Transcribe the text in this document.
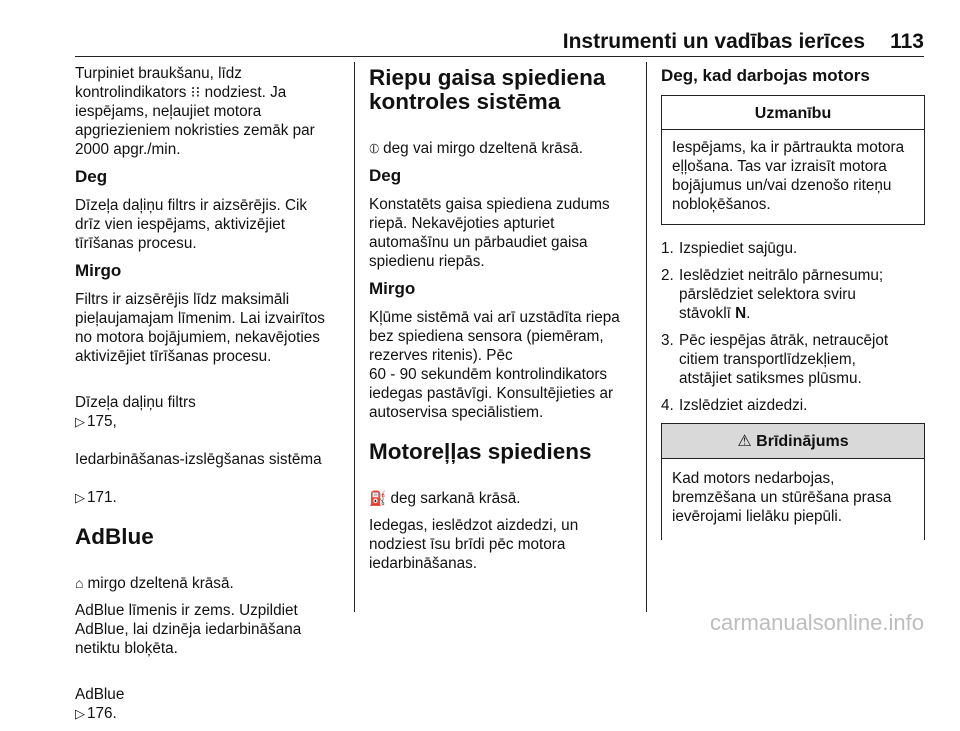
Instrumenti un vadības ierīces 113

Turpiniet braukšanu, līdz
kontrolindikators ⁝⁝ nodziest. Ja
iespējams, neļaujiet motora
apgriezieniem nokristies zemāk par
2000 apgr./min.

Deg

Dīzeļa daļiņu filtrs ir aizsērējis. Cik
drīz vien iespējams, aktivizējiet
tīrīšanas procesu.

Mirgo

Filtrs ir aizsērējis līdz maksimāli
pieļaujamajam līmenim. Lai izvairītos
no motora bojājumiem, nekavējoties
aktivizējiet tīrīšanas procesu.

Dīzeļa daļiņu filtrs
▷ 175,

Iedarbināšanas-izslēgšanas sistēma

▷ 171.

AdBlue

⌂ mirgo dzeltenā krāsā.

AdBlue līmenis ir zems. Uzpildiet
AdBlue, lai dzinēja iedarbināšana
netiktu bloķēta.

AdBlue
▷ 176.

Riepu gaisa spiediena
kontroles sistēma

⦶ deg vai mirgo dzeltenā krāsā.

Deg

Konstatēts gaisa spiediena zudums
riepā. Nekavējoties apturiet
automašīnu un pārbaudiet gaisa
spiedienu riepās.

Mirgo

Kļūme sistēmā vai arī uzstādīta riepa
bez spiediena sensora (piemēram,
rezerves ritenis). Pēc
60 - 90 sekundēm kontrolindikators
iedegas pastāvīgi. Konsultējieties ar
autoservisa speciālistiem.

Motoreļļas spiediens

⛽ deg sarkanā krāsā.

Iedegas, ieslēdzot aizdedzi, un
nodziest īsu brīdi pēc motora
iedarbināšanas.

Deg, kad darbojas motors
Uzmanību
Iespējams, ka ir pārtraukta motora
eļļošana. Tas var izraisīt motora
bojājumus un/vai dzenošo riteņu
nobloķēšanos.
1. Izspiediet sajūgu.
2. Ieslēdziet neitrālo pārnesumu;
pārslēdziet selektora sviru
stāvoklī N.
3. Pēc iespējas ātrāk, netraucējot
citiem transportlīdzekļiem,
atstājiet satiksmes plūsmu.
4. Izslēdziet aizdedzi.
⚠ Brīdinājums
Kad motors nedarbojas,
bremzēšana un stūrēšana prasa
ievērojami lielāku piepūli.
carmanualsonline.info
